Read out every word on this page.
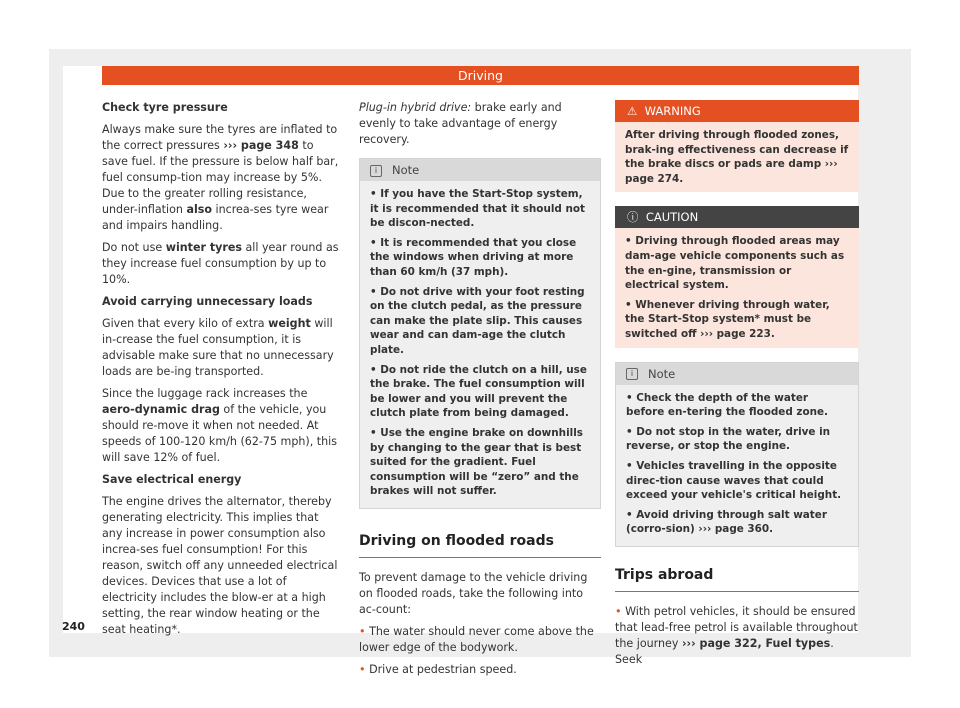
Driving

Check tyre pressure

Always make sure the tyres are inflated to the correct pressures ››› page 348 to save fuel. If the pressure is below half bar, fuel consump-tion may increase by 5%. Due to the greater rolling resistance, under-inflation also increa-ses tyre wear and impairs handling.

Do not use winter tyres all year round as they increase fuel consumption by up to 10%.

Avoid carrying unnecessary loads

Given that every kilo of extra weight will in-crease the fuel consumption, it is advisable make sure that no unnecessary loads are be-ing transported.

Since the luggage rack increases the aero-dynamic drag of the vehicle, you should re-move it when not needed. At speeds of 100-120 km/h (62-75 mph), this will save 12% of fuel.

Save electrical energy

The engine drives the alternator, thereby generating electricity. This implies that any increase in power consumption also increa-ses fuel consumption! For this reason, switch off any unneeded electrical devices. Devices that use a lot of electricity includes the blow-er at a high setting, the rear window heating or the seat heating*.

Plug-in hybrid drive: brake early and evenly to take advantage of energy recovery.

i Note

• If you have the Start-Stop system, it is recommended that it should not be discon-nected.

• It is recommended that you close the windows when driving at more than 60 km/h (37 mph).

• Do not drive with your foot resting on the clutch pedal, as the pressure can make the plate slip. This causes wear and can dam-age the clutch plate.

• Do not ride the clutch on a hill, use the brake. The fuel consumption will be lower and you will prevent the clutch plate from being damaged.

• Use the engine brake on downhills by changing to the gear that is best suited for the gradient. Fuel consumption will be “zero” and the brakes will not suffer.

Driving on flooded roads

To prevent damage to the vehicle driving on flooded roads, take the following into ac-count:

• The water should never come above the lower edge of the bodywork.

• Drive at pedestrian speed.

⚠  WARNING
After driving through flooded zones, brak-ing effectiveness can decrease if the brake discs or pads are damp ››› page 274.
ⓘ  CAUTION

• Driving through flooded areas may dam-age vehicle components such as the en-gine, transmission or electrical system.

• Whenever driving through water, the Start-Stop system* must be switched off ››› page 223.

i Note

• Check the depth of the water before en-tering the flooded zone.

• Do not stop in the water, drive in reverse, or stop the engine.

• Vehicles travelling in the opposite direc-tion cause waves that could exceed your vehicle's critical height.

• Avoid driving through salt water (corro-sion) ››› page 360.

Trips abroad

• With petrol vehicles, it should be ensured that lead-free petrol is available throughout the journey ››› page 322, Fuel types. Seek

240
